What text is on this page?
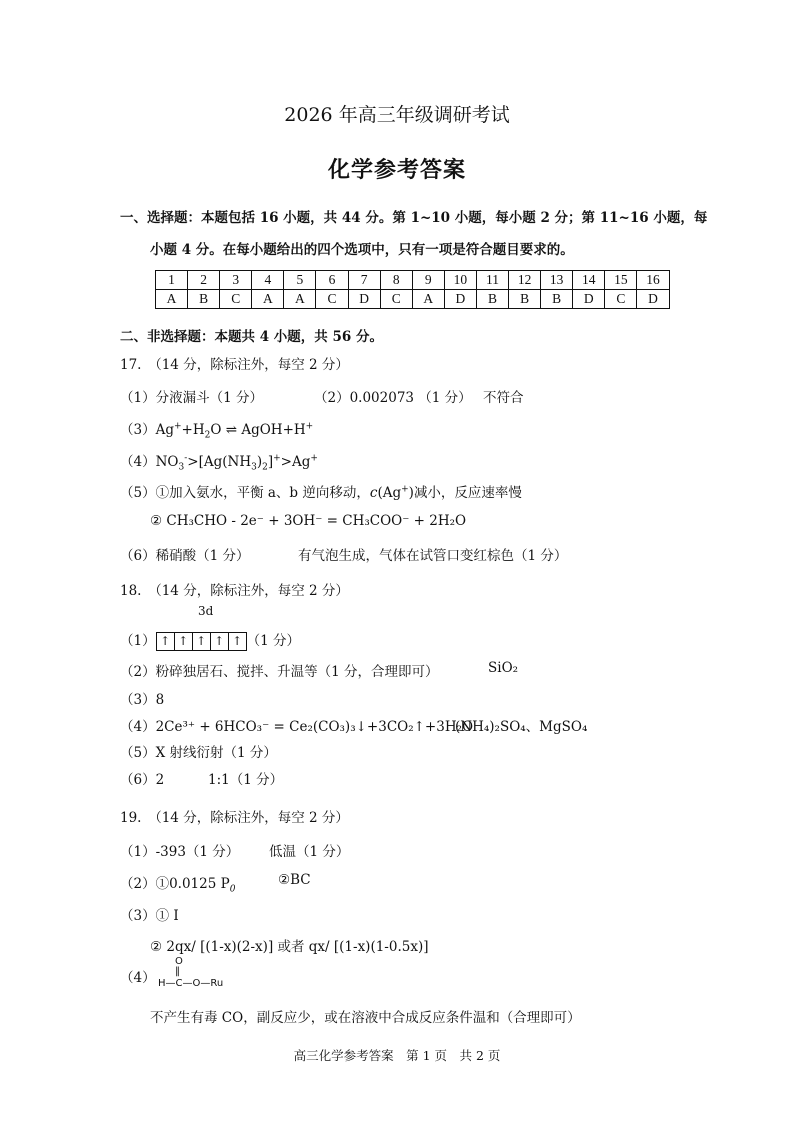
2026 年高三年级调研考试
化学参考答案
一、选择题：本题包括 16 小题，共 44 分。第 1~10 小题，每小题 2 分；第 11~16 小题，每
小题 4 分。在每小题给出的四个选项中，只有一项是符合题目要求的。
1	2	3	4	5	6	7	8	9	10	11	12	13	14	15	16
A	B	C	A	A	C	D	C	A	D	B	B	B	D	C	D
二、非选择题：本题共 4 小题，共 56 分。
17.　（14 分，除标注外，每空 2 分）
（1）分液漏斗（1 分）	（2）0.002073 （1 分） 不符合
$(3)Ag^++H_2O$ ⇌ AgOH+H+
$(4)NO_3^->[Ag(NH_3)_2]^+>Ag^+$
（5）①加入氨水，平衡 a、b 逆向移动，c(Ag+)减小，反应速率慢
② CH₃CHO - 2e⁻ + 3OH⁻ = CH₃COO⁻ + 2H₂O
（6）稀硝酸（1 分）	有气泡生成，气体在试管口变红棕色（1 分）
18.　（14 分，除标注外，每空 2 分）
3d
（1） ↑ ↑ ↑ ↑ ↑ （1 分）
（2）粉碎独居石、搅拌、升温等（1 分，合理即可）	SiO₂
（3）8
（4）2Ce³⁺ + 6HCO₃⁻ = Ce₂(CO₃)₃↓+3CO₂↑+3H₂O
(NH₄)₂SO₄、MgSO₄
（5）X 射线衍射（1 分）
（6）2	1:1（1 分）
19.　（14 分，除标注外，每空 2 分）
（1）-393（1 分） 低温（1 分）
（2）①0.0125 $P_0$
②BC
（3）① I
② 2qx/ [(1-x)(2-x)] 或者 qx/ [(1-x)(1-0.5x)]
（4）
O
‖
H—C—O—Ru
不产生有毒 CO，副反应少，或在溶液中合成反应条件温和（合理即可）
高三化学参考答案　第 1 页　共 2 页
